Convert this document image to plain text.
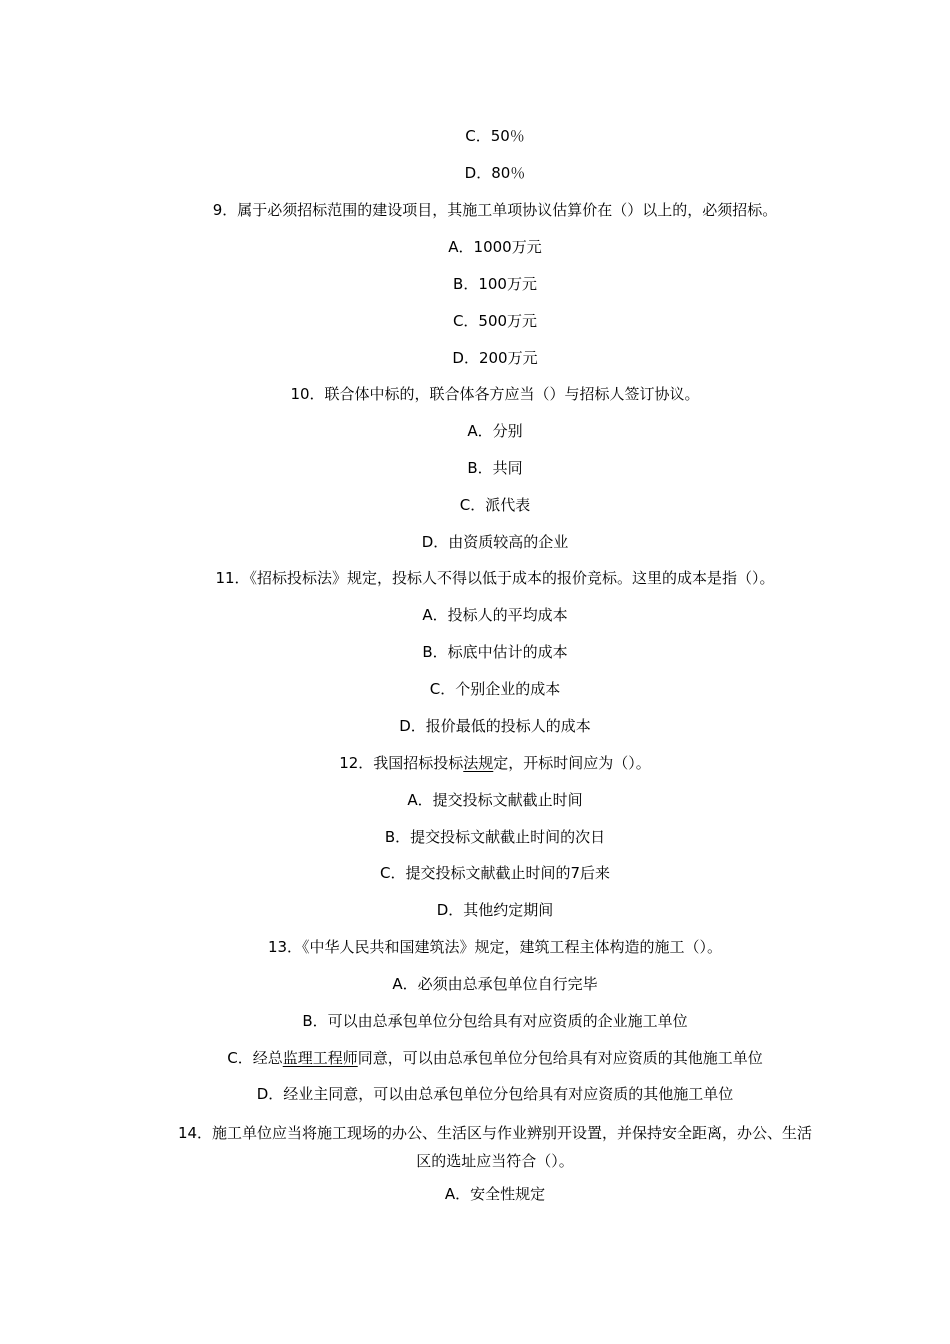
C．50％
D．80％
9．属于必须招标范围的建设项目，其施工单项协议估算价在（）以上的，必须招标。
A．1000万元
B．100万元
C．500万元
D．200万元
10．联合体中标的，联合体各方应当（）与招标人签订协议。
A．分别
B．共同
C．派代表
D．由资质较高的企业
11．《招标投标法》规定，投标人不得以低于成本的报价竞标。这里的成本是指（）。
A．投标人的平均成本
B．标底中估计的成本
C．个别企业的成本
D．报价最低的投标人的成本
12．我国招标投标法规定，开标时间应为（）。
A．提交投标文献截止时间
B．提交投标文献截止时间的次日
C．提交投标文献截止时间的7后来
D．其他约定期间
13．《中华人民共和国建筑法》规定，建筑工程主体构造的施工（）。
A．必须由总承包单位自行完毕
B．可以由总承包单位分包给具有对应资质的企业施工单位
C．经总监理工程师同意，可以由总承包单位分包给具有对应资质的其他施工单位
D．经业主同意，可以由总承包单位分包给具有对应资质的其他施工单位
14．施工单位应当将施工现场的办公、生活区与作业辨别开设置，并保持安全距离，办公、生活区的选址应当符合（）。
A．安全性规定
